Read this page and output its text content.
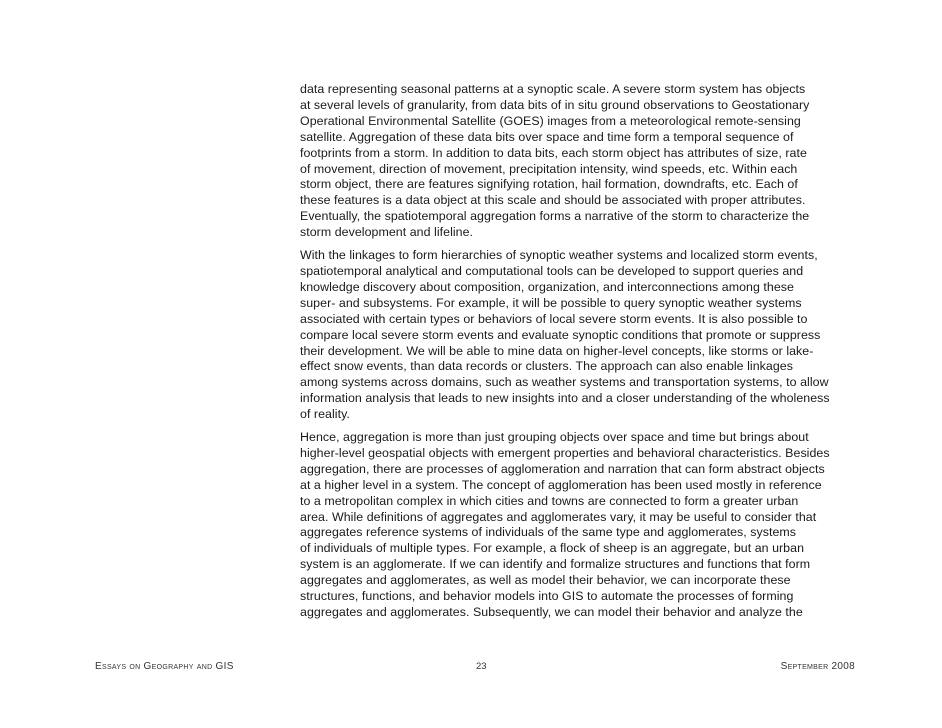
data representing seasonal patterns at a synoptic scale. A severe storm system has objects
at several levels of granularity, from data bits of in situ ground observations to Geostationary
Operational Environmental Satellite (GOES) images from a meteorological remote-sensing
satellite. Aggregation of these data bits over space and time form a temporal sequence of
footprints from a storm. In addition to data bits, each storm object has attributes of size, rate
of movement, direction of movement, precipitation intensity, wind speeds, etc. Within each
storm object, there are features signifying rotation, hail formation, downdrafts, etc. Each of
these features is a data object at this scale and should be associated with proper attributes.
Eventually, the spatiotemporal aggregation forms a narrative of the storm to characterize the
storm development and lifeline.

With the linkages to form hierarchies of synoptic weather systems and localized storm events,
spatiotemporal analytical and computational tools can be developed to support queries and
knowledge discovery about composition, organization, and interconnections among these
super- and subsystems. For example, it will be possible to query synoptic weather systems
associated with certain types or behaviors of local severe storm events. It is also possible to
compare local severe storm events and evaluate synoptic conditions that promote or suppress
their development. We will be able to mine data on higher-level concepts, like storms or lake-
effect snow events, than data records or clusters. The approach can also enable linkages
among systems across domains, such as weather systems and transportation systems, to allow
information analysis that leads to new insights into and a closer understanding of the wholeness
of reality.

Hence, aggregation is more than just grouping objects over space and time but brings about
higher-level geospatial objects with emergent properties and behavioral characteristics. Besides
aggregation, there are processes of agglomeration and narration that can form abstract objects
at a higher level in a system. The concept of agglomeration has been used mostly in reference
to a metropolitan complex in which cities and towns are connected to form a greater urban
area. While definitions of aggregates and agglomerates vary, it may be useful to consider that
aggregates reference systems of individuals of the same type and agglomerates, systems
of individuals of multiple types. For example, a flock of sheep is an aggregate, but an urban
system is an agglomerate. If we can identify and formalize structures and functions that form
aggregates and agglomerates, as well as model their behavior, we can incorporate these
structures, functions, and behavior models into GIS to automate the processes of forming
aggregates and agglomerates. Subsequently, we can model their behavior and analyze the

Essays on Geography and GIS	23	September 2008
